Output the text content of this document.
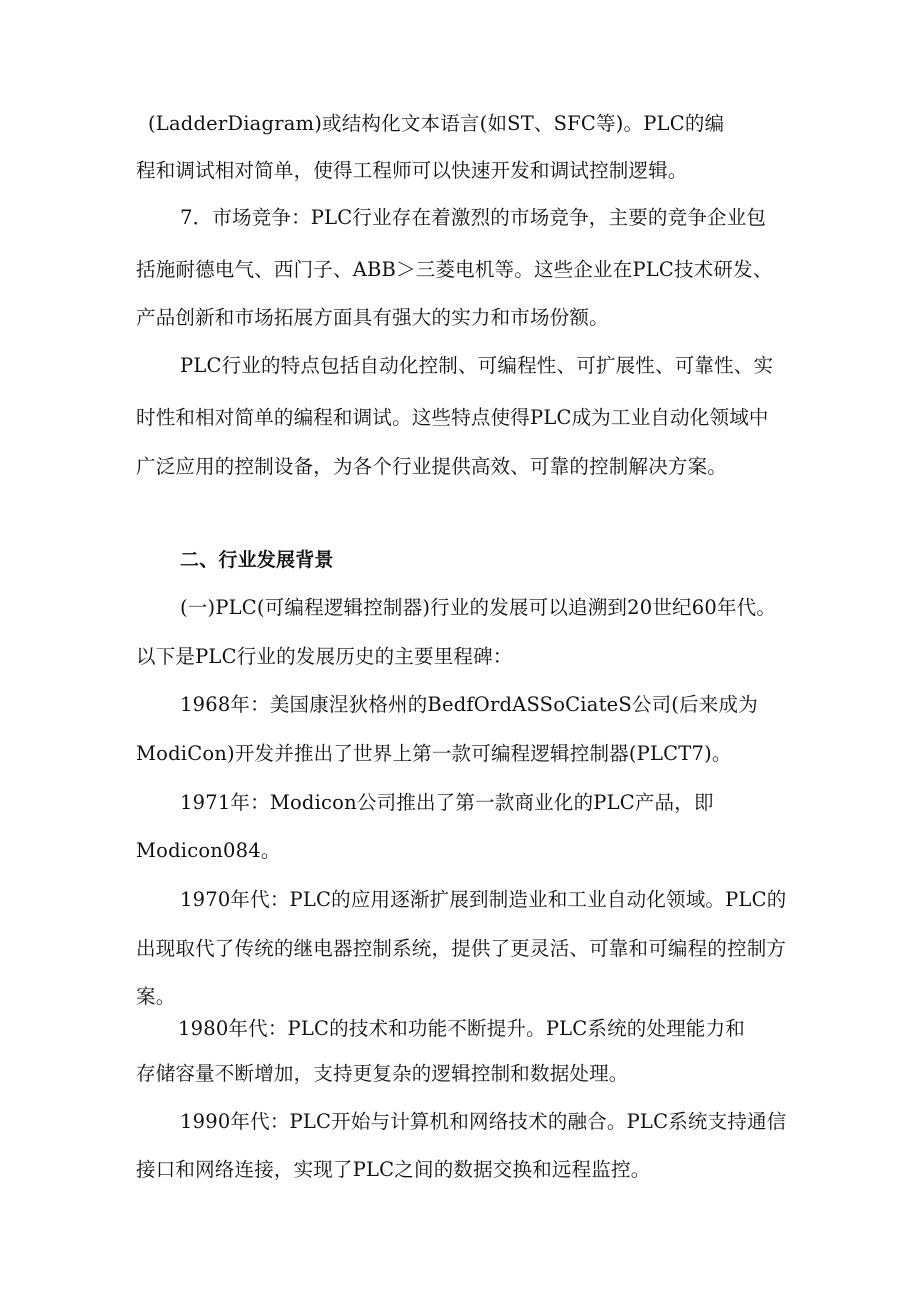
(LadderDiagram)或结构化文本语言(如ST、SFC等)。PLC的编
程和调试相对简单，使得工程师可以快速开发和调试控制逻辑。
7．市场竞争：PLC行业存在着激烈的市场竞争，主要的竞争企业包
括施耐德电气、西门子、ABB＞三菱电机等。这些企业在PLC技术研发、
产品创新和市场拓展方面具有强大的实力和市场份额。
PLC行业的特点包括自动化控制、可编程性、可扩展性、可靠性、实
时性和相对简单的编程和调试。这些特点使得PLC成为工业自动化领域中
广泛应用的控制设备，为各个行业提供高效、可靠的控制解决方案。
二、行业发展背景
(一)PLC(可编程逻辑控制器)行业的发展可以追溯到20世纪60年代。
以下是PLC行业的发展历史的主要里程碑：
1968年：美国康涅狄格州的BedfOrdASSoCiateS公司(后来成为
ModiCon)开发并推出了世界上第一款可编程逻辑控制器(PLCT7)。
1971年：Modicon公司推出了第一款商业化的PLC产品，即
Modicon084。
1970年代：PLC的应用逐渐扩展到制造业和工业自动化领域。PLC的
出现取代了传统的继电器控制系统，提供了更灵活、可靠和可编程的控制方
案。
1980年代：PLC的技术和功能不断提升。PLC系统的处理能力和
存储容量不断增加，支持更复杂的逻辑控制和数据处理。
1990年代：PLC开始与计算机和网络技术的融合。PLC系统支持通信
接口和网络连接，实现了PLC之间的数据交换和远程监控。
